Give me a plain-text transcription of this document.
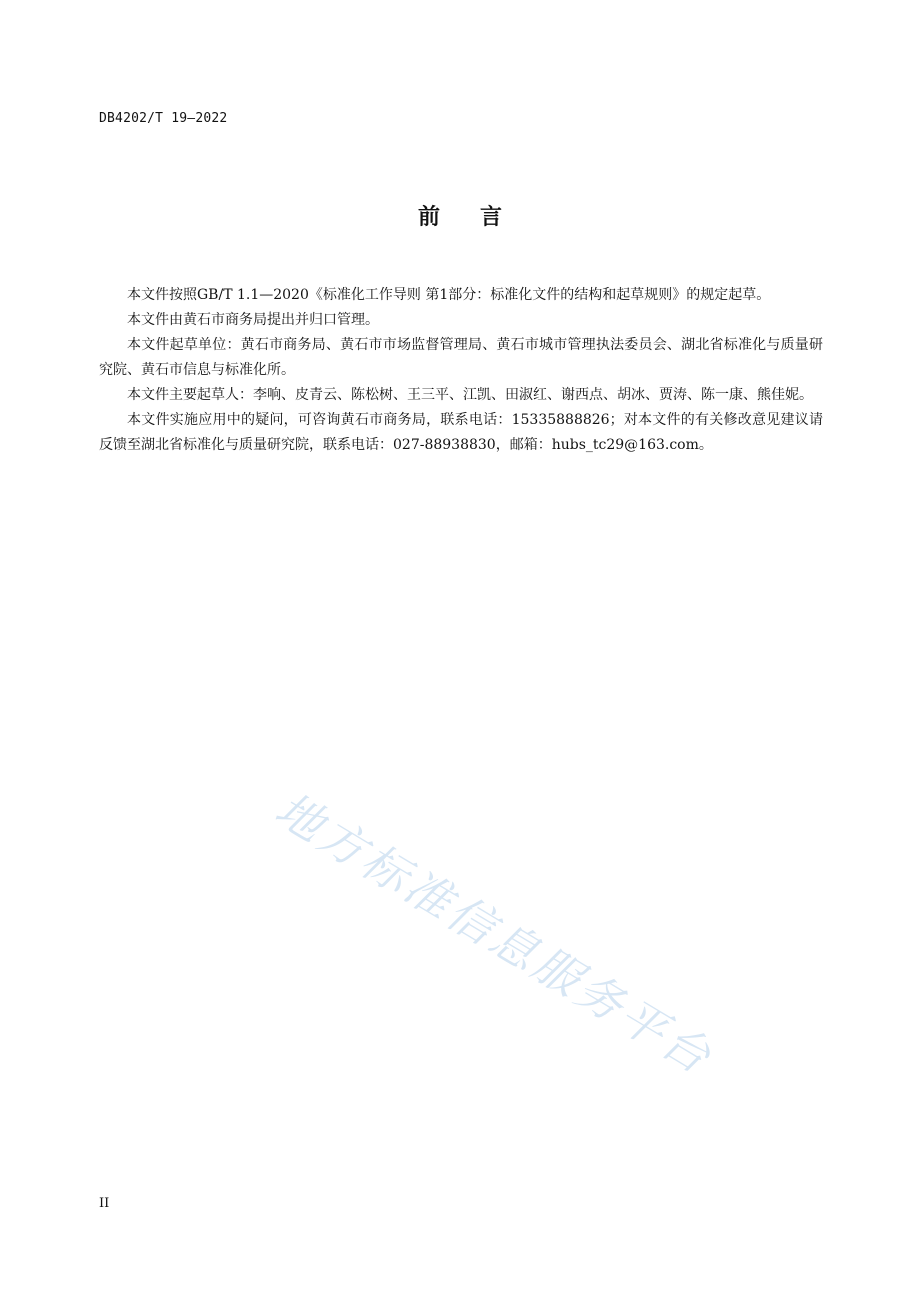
DB4202/T 19—2022
前言

本文件按照GB/T 1.1—2020《标准化工作导则 第1部分：标准化文件的结构和起草规则》的规定起草。

本文件由黄石市商务局提出并归口管理。

本文件起草单位：黄石市商务局、黄石市市场监督管理局、黄石市城市管理执法委员会、湖北省标准化与质量研究院、黄石市信息与标准化所。

本文件主要起草人：李响、皮青云、陈松树、王三平、江凯、田淑红、谢西点、胡冰、贾涛、陈一康、熊佳妮。

本文件实施应用中的疑问，可咨询黄石市商务局，联系电话：15335888826；对本文件的有关修改意见建议请反馈至湖北省标准化与质量研究院，联系电话：027-88938830，邮箱：hubs_tc29@163.com。

地方标准信息服务平台
II
